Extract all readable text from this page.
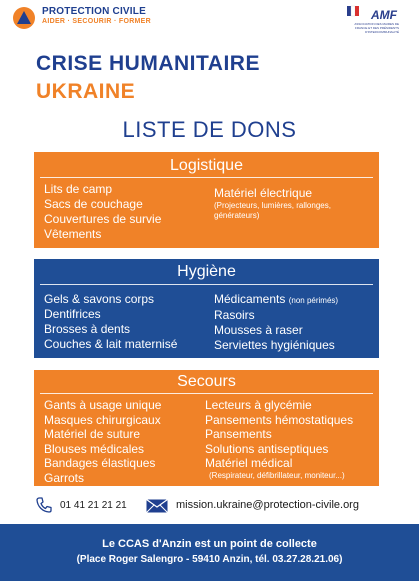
PROTECTION CIVILE
AIDER · SECOURIR · FORMER	AMF
ASSOCIATION DES MAIRES DE FRANCE ET DES PRÉSIDENTS D'INTERCOMMUNALITÉ
CRISE HUMANITAIRE
UKRAINE
LISTE DE DONS
Logistique
Lits de camp
Sacs de couchage
Couvertures de survie
Vêtements
Matériel électrique
(Projecteurs, lumières, rallonges, générateurs)
Hygiène
Gels & savons corps
Dentifrices
Brosses à dents
Couches & lait maternisé
Médicaments (non périmés)
Rasoirs
Mousses à raser
Serviettes hygiéniques
Secours
Gants à usage unique
Masques chirurgicaux
Matériel de suture
Blouses médicales
Bandages élastiques
Garrots
Lecteurs à glycémie
Pansements hémostatiques
Pansements
Solutions antiseptiques
Matériel médical
(Respirateur, défibrillateur, moniteur...)
01 41 21 21 21	mission.ukraine@protection-civile.org
Le CCAS d'Anzin est un point de collecte
(Place Roger Salengro - 59410 Anzin, tél. 03.27.28.21.06)
